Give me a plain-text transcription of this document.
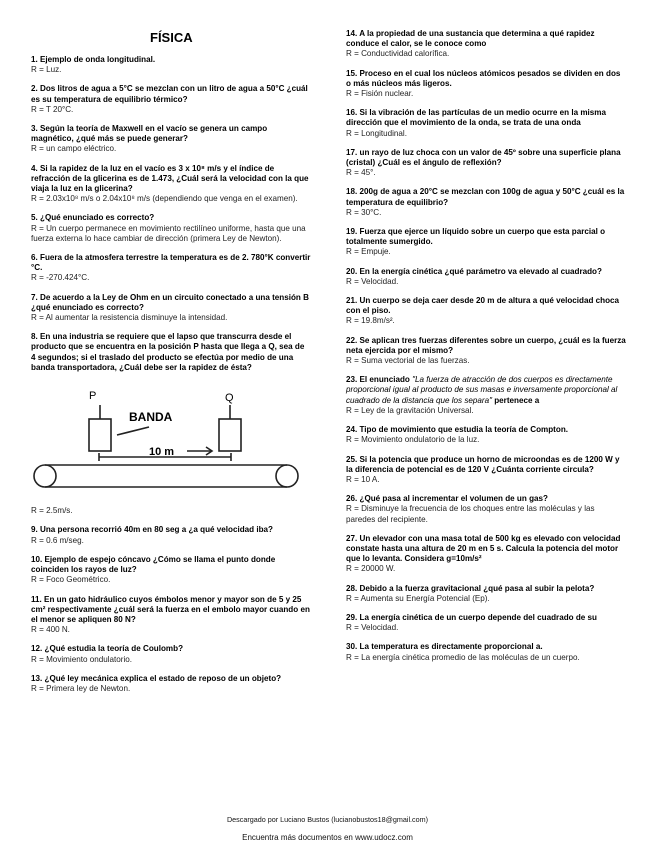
FÍSICA
1. Ejemplo de onda longitudinal.
R = Luz.
2. Dos litros de agua a 5°C se mezclan con un litro de agua a 50°C ¿cuál es su temperatura de equilibrio térmico?
R = T 20°C.
3. Según la teoría de Maxwell en el vacío se genera un campo magnético, ¿qué más se puede generar?
R = un campo eléctrico.
4. Si la rapidez de la luz en el vacío es 3 x 10⁸ m/s y el índice de refracción de la glicerina es de 1.473, ¿Cuál será la velocidad con la que viaja la luz en la glicerina?
R = 2.03x10⁸ m/s o 2.04x10⁸ m/s (dependiendo que venga en el examen).
5. ¿Qué enunciado es correcto?
R = Un cuerpo permanece en movimiento rectilíneo uniforme, hasta que una fuerza externa lo hace cambiar de dirección (primera Ley de Newton).
6. Fuera de la atmosfera terrestre la temperatura es de 2. 780°K convertir °C.
R = -270.424°C.
7. De acuerdo a la Ley de Ohm en un circuito conectado a una tensión B ¿qué enunciado es correcto?
R = Al aumentar la resistencia disminuye la intensidad.
8. En una industria se requiere que el lapso que transcurra desde el producto que se encuentra en la posición P hasta que llega a Q, sea de 4 segundos; si el traslado del producto se efectúa por medio de una banda transportadora, ¿Cuál debe ser la rapidez de ésta?
P	Q
BANDA
10 m
R = 2.5m/s.
9. Una persona recorrió 40m en 80 seg a ¿a qué velocidad iba?
R = 0.6 m/seg.
10. Ejemplo de espejo cóncavo ¿Cómo se llama el punto donde coinciden los rayos de luz?
R = Foco Geométrico.
11. En un gato hidráulico cuyos émbolos menor y mayor son de 5 y 25 cm² respectivamente ¿cuál será la fuerza en el embolo mayor cuando en el menor se apliquen 80 N?
R = 400 N.
12. ¿Qué estudia la teoría de Coulomb?
R = Movimiento ondulatorio.
13. ¿Qué ley mecánica explica el estado de reposo de un objeto?
R = Primera ley de Newton.
14. A la propiedad de una sustancia que determina a qué rapidez conduce el calor, se le conoce como
R = Conductividad calorífica.
15. Proceso en el cual los núcleos atómicos pesados se dividen en dos o más núcleos más ligeros.
R = Fisión nuclear.
16. Si la vibración de las partículas de un medio ocurre en la misma dirección que el movimiento de la onda, se trata de una onda
R = Longitudinal.
17. un rayo de luz choca con un valor de 45º sobre una superficie plana (cristal) ¿Cuál es el ángulo de reflexión?
R = 45°.
18. 200g de agua a 20°C se mezclan con 100g de agua y 50°C ¿cuál es la temperatura de equilibrio?
R = 30°C.
19. Fuerza que ejerce un líquido sobre un cuerpo que esta parcial o totalmente sumergido.
R = Empuje.
20. En la energía cinética ¿qué parámetro va elevado al cuadrado?
R = Velocidad.
21. Un cuerpo se deja caer desde 20 m de altura a qué velocidad choca con el piso.
R = 19.8m/s².
22. Se aplican tres fuerzas diferentes sobre un cuerpo, ¿cuál es la fuerza neta ejercida por el mismo?
R = Suma vectorial de las fuerzas.
23. El enunciado "La fuerza de atracción de dos cuerpos es directamente proporcional igual al producto de sus masas e inversamente proporcional al cuadrado de la distancia que los separa" pertenece a
R = Ley de la gravitación Universal.
24. Tipo de movimiento que estudia la teoría de Compton.
R = Movimiento ondulatorio de la luz.
25. Si la potencia que produce un horno de microondas es de 1200 W y la diferencia de potencial es de 120 V ¿Cuánta corriente circula?
R = 10 A.
26. ¿Qué pasa al incrementar el volumen de un gas?
R = Disminuye la frecuencia de los choques entre las moléculas y las paredes del recipiente.
27. Un elevador con una masa total de 500 kg es elevado con velocidad constate hasta una altura de 20 m en 5 s. Calcula la potencia del motor que lo levanta. Considera g=10m/s²
R = 20000 W.
28. Debido a la fuerza gravitacional ¿qué pasa al subir la pelota?
R = Aumenta su Energía Potencial (Ep).
29. La energía cinética de un cuerpo depende del cuadrado de su
R = Velocidad.
30. La temperatura es directamente proporcional a.
R = La energía cinética promedio de las moléculas de un cuerpo.
Descargado por Luciano Bustos (lucianobustos18@gmail.com)
Encuentra más documentos en www.udocz.com
